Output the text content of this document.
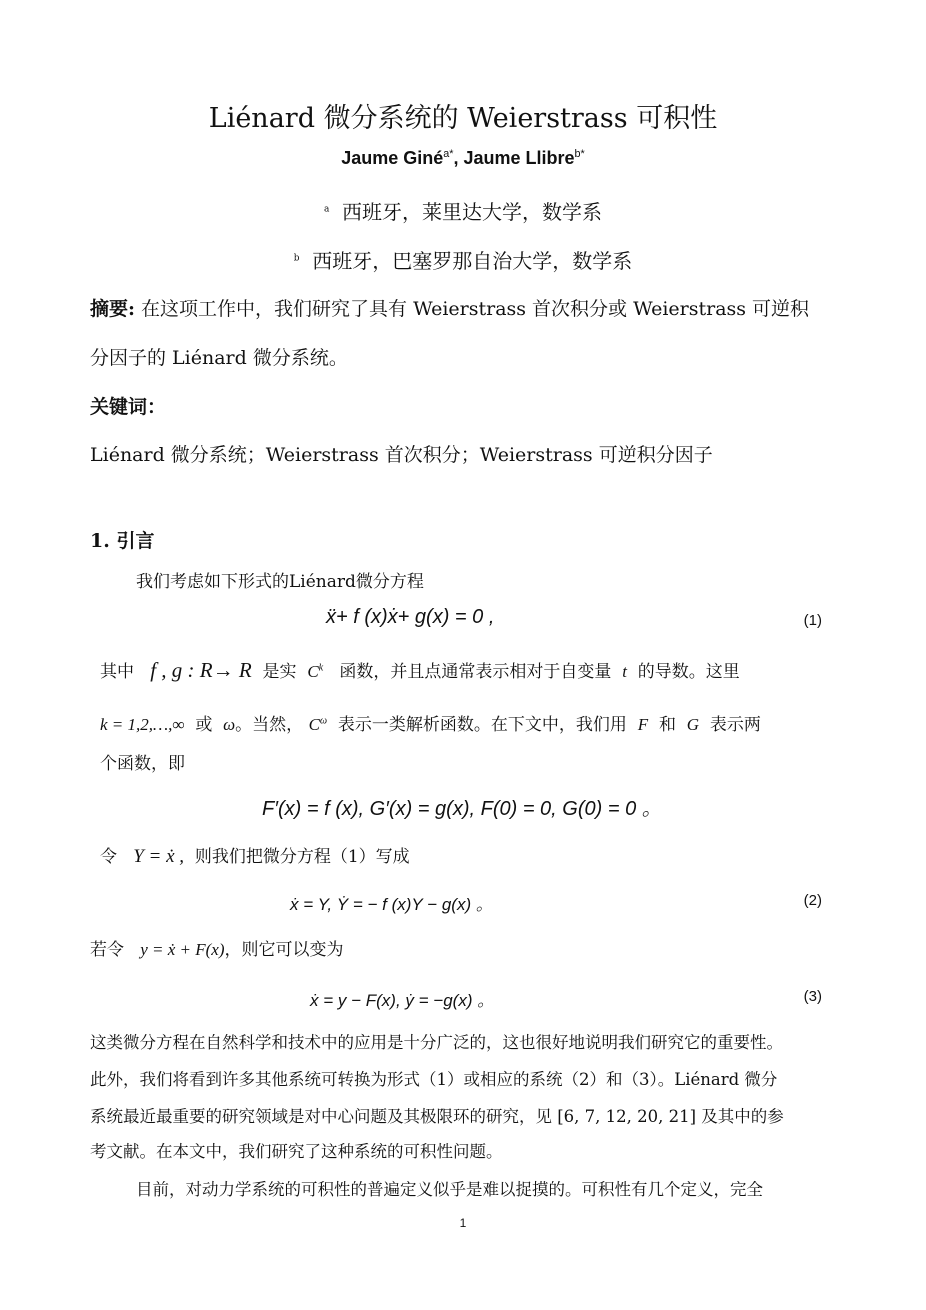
Liénard 微分系统的 Weierstrass 可积性
Jaume Giné$^{a*}$, Jaume Llibre$^{b*}$
$^a$ 西班牙，莱里达大学，数学系
$^b$ 西班牙，巴塞罗那自治大学，数学系
摘要: 在这项工作中，我们研究了具有 Weierstrass 首次积分或 Weierstrass 可逆积
分因子的 Liénard 微分系统。
关键词：
Liénard 微分系统；Weierstrass 首次积分；Weierstrass 可逆积分因子
1. 引言
我们考虑如下形式的Liénard微分方程
ẍ+ f (x)ẋ+ g(x) = 0 ,	(1)
其中 f , g : R→ R 是实 $C^k$ 函数，并且点通常表示相对于自变量 t 的导数。这里
k = 1,2,…,∞ 或 ω。当然， $C^\omega$ 表示一类解析函数。在下文中，我们用 F 和 G 表示两
个函数，即
F′(x) = f (x), G′(x) = g(x), F(0) = 0, G(0) = 0 。
令 Y = ẋ , 则我们把微分方程（1）写成
ẋ = Y, Ẏ = − f (x)Y − g(x) 。	(2)
若令 y = ẋ + F(x)，则它可以变为
ẋ = y − F(x), ẏ = −g(x) 。	(3)
这类微分方程在自然科学和技术中的应用是十分广泛的，这也很好地说明我们研究它的重要性。
此外，我们将看到许多其他系统可转换为形式（1）或相应的系统（2）和（3）。Liénard 微分
系统最近最重要的研究领域是对中心问题及其极限环的研究，见 [6, 7, 12, 20, 21] 及其中的参
考文献。在本文中，我们研究了这种系统的可积性问题。
目前，对动力学系统的可积性的普遍定义似乎是难以捉摸的。可积性有几个定义，完全
1
